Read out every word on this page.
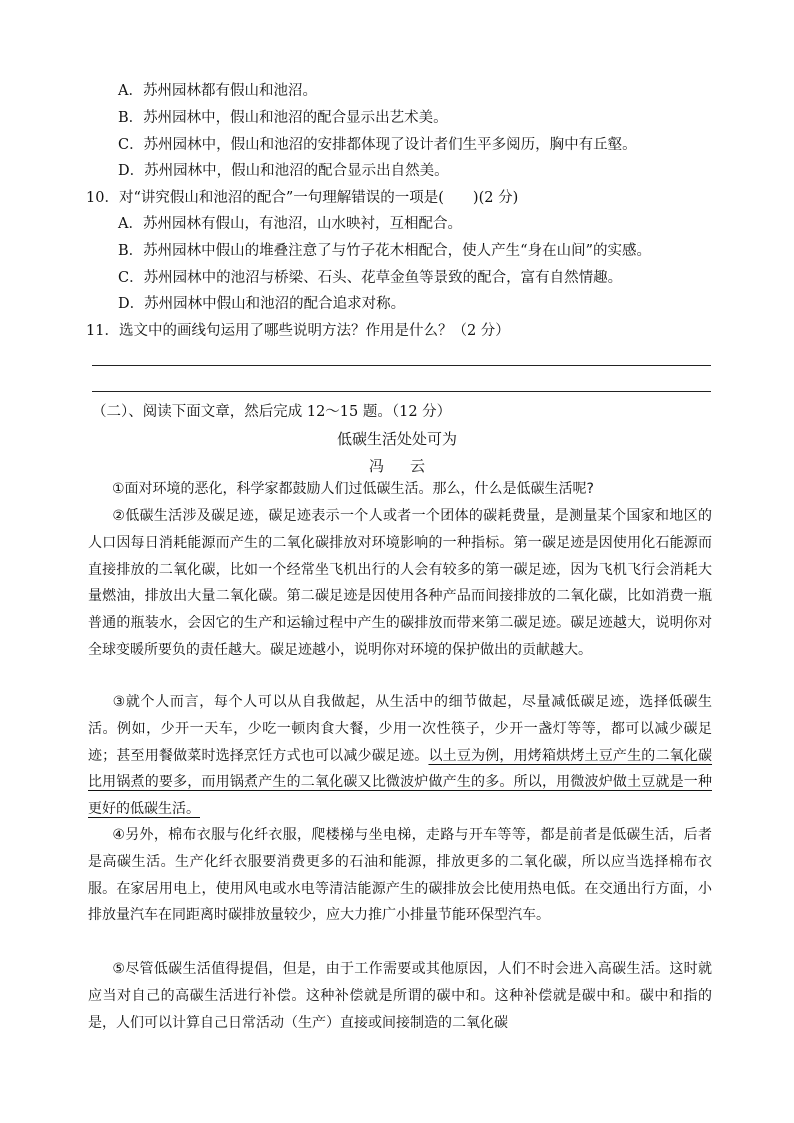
A．苏州园林都有假山和池沼。
B．苏州园林中，假山和池沼的配合显示出艺术美。
C．苏州园林中，假山和池沼的安排都体现了设计者们生平多阅历，胸中有丘壑。
D．苏州园林中，假山和池沼的配合显示出自然美。
10．对“讲究假山和池沼的配合”一句理解错误的一项是(　　)(2 分)
A．苏州园林有假山，有池沼，山水映衬，互相配合。
B．苏州园林中假山的堆叠注意了与竹子花木相配合，使人产生“身在山间”的实感。
C．苏州园林中的池沼与桥梁、石头、花草金鱼等景致的配合，富有自然情趣。
D．苏州园林中假山和池沼的配合追求对称。
11．选文中的画线句运用了哪些说明方法？作用是什么？（2 分）
（二）、阅读下面文章，然后完成 12～15 题。（12 分）
低碳生活处处可为
冯云
①面对环境的恶化，科学家都鼓励人们过低碳生活。那么，什么是低碳生活呢?
②低碳生活涉及碳足迹，碳足迹表示一个人或者一个团体的碳耗费量，是测量某个国家和地区的人口因每日消耗能源而产生的二氧化碳排放对环境影响的一种指标。第一碳足迹是因使用化石能源而直接排放的二氧化碳，比如一个经常坐飞机出行的人会有较多的第一碳足迹，因为飞机飞行会消耗大量燃油，排放出大量二氧化碳。第二碳足迹是因使用各种产品而间接排放的二氧化碳，比如消费一瓶普通的瓶装水，会因它的生产和运输过程中产生的碳排放而带来第二碳足迹。碳足迹越大，说明你对全球变暖所要负的责任越大。碳足迹越小，说明你对环境的保护做出的贡献越大。
③就个人而言，每个人可以从自我做起，从生活中的细节做起，尽量减低碳足迹，选择低碳生活。例如，少开一天车，少吃一顿肉食大餐，少用一次性筷子，少开一盏灯等等，都可以减少碳足迹；甚至用餐做菜时选择烹饪方式也可以减少碳足迹。以土豆为例，用烤箱烘烤土豆产生的二氧化碳比用锅煮的要多，而用锅煮产生的二氧化碳又比微波炉做产生的多。所以，用微波炉做土豆就是一种更好的低碳生活。
④另外，棉布衣服与化纤衣服，爬楼梯与坐电梯，走路与开车等等，都是前者是低碳生活，后者是高碳生活。生产化纤衣服要消费更多的石油和能源，排放更多的二氧化碳，所以应当选择棉布衣服。在家居用电上，使用风电或水电等清洁能源产生的碳排放会比使用热电低。在交通出行方面，小排放量汽车在同距离时碳排放量较少，应大力推广小排量节能环保型汽车。
⑤尽管低碳生活值得提倡，但是，由于工作需要或其他原因，人们不时会进入高碳生活。这时就应当对自己的高碳生活进行补偿。这种补偿就是所谓的碳中和。这种补偿就是碳中和。碳中和指的是，人们可以计算自己日常活动（生产）直接或间接制造的二氧化碳
